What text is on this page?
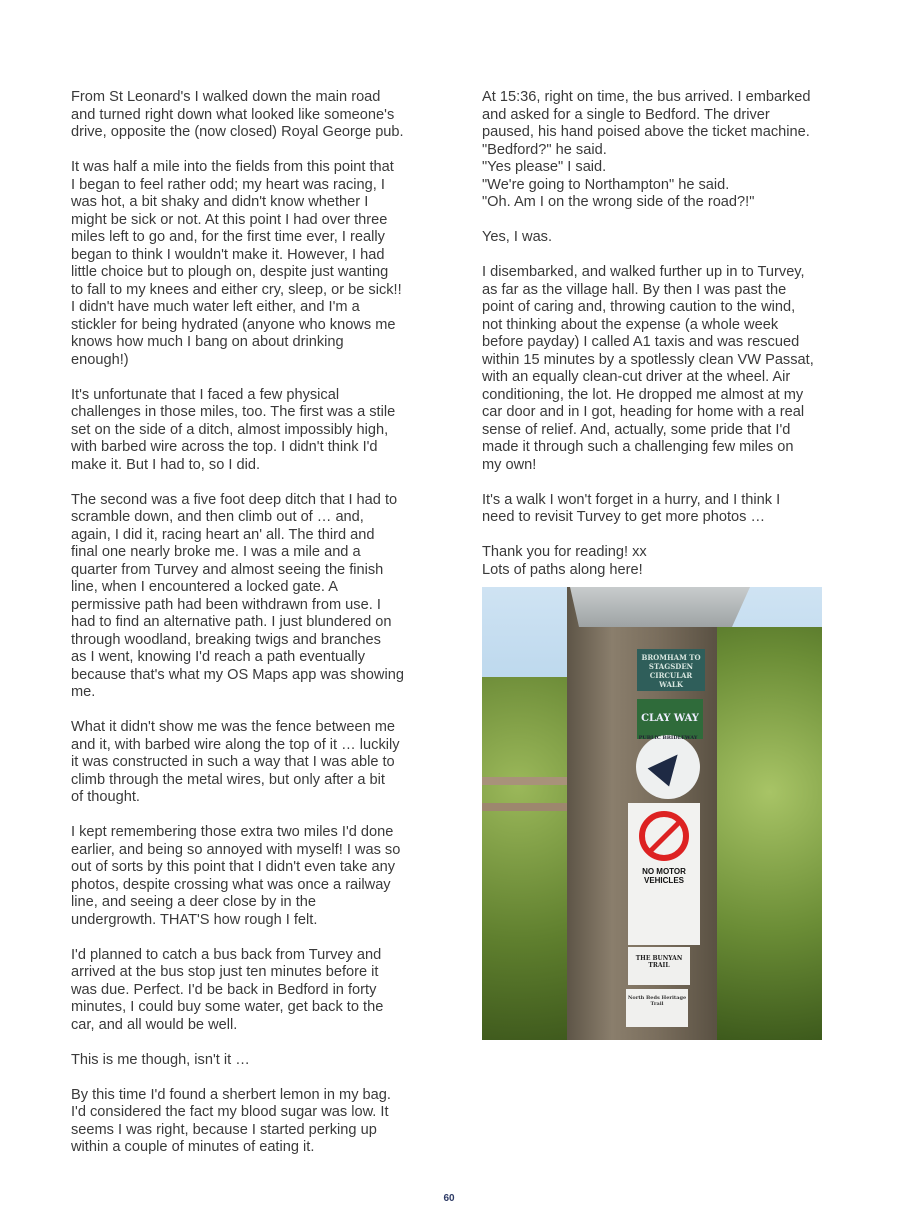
From St Leonard's I walked down the main road
and turned right down what looked like someone's
drive, opposite the (now closed) Royal George pub.

It was half a mile into the fields from this point that
I began to feel rather odd; my heart was racing, I
was hot, a bit shaky and didn't know whether I
might be sick or not. At this point I had over three
miles left to go and, for the first time ever, I really
began to think I wouldn't make it. However, I had
little choice but to plough on, despite just wanting
to fall to my knees and either cry, sleep, or be sick!!
I didn't have much water left either, and I'm a
stickler for being hydrated (anyone who knows me
knows how much I bang on about drinking
enough!)

It's unfortunate that I faced a few physical
challenges in those miles, too. The first was a stile
set on the side of a ditch, almost impossibly high,
with barbed wire across the top. I didn't think I'd
make it. But I had to, so I did.

The second was a five foot deep ditch that I had to
scramble down, and then climb out of … and,
again, I did it, racing heart an' all. The third and
final one nearly broke me. I was a mile and a
quarter from Turvey and almost seeing the finish
line, when I encountered a locked gate. A
permissive path had been withdrawn from use. I
had to find an alternative path. I just blundered on
through woodland, breaking twigs and branches
as I went, knowing I'd reach a path eventually
because that's what my OS Maps app was showing
me.

What it didn't show me was the fence between me
and it, with barbed wire along the top of it … luckily
it was constructed in such a way that I was able to
climb through the metal wires, but only after a bit
of thought.

I kept remembering those extra two miles I'd done
earlier, and being so annoyed with myself! I was so
out of sorts by this point that I didn't even take any
photos, despite crossing what was once a railway
line, and seeing a deer close by in the
undergrowth. THAT'S how rough I felt.

I'd planned to catch a bus back from Turvey and
arrived at the bus stop just ten minutes before it
was due. Perfect. I'd be back in Bedford in forty
minutes, I could buy some water, get back to the
car, and all would be well.

This is me though, isn't it …

By this time I'd found a sherbert lemon in my bag.
I'd considered the fact my blood sugar was low. It
seems I was right, because I started perking up
within a couple of minutes of eating it.

At 15:36, right on time, the bus arrived. I embarked
and asked for a single to Bedford. The driver
paused, his hand poised above the ticket machine.
"Bedford?" he said.
"Yes please" I said.
"We're going to Northampton" he said.
"Oh. Am I on the wrong side of the road?!"

Yes, I was.

I disembarked, and walked further up in to Turvey,
as far as the village hall. By then I was past the
point of caring and, throwing caution to the wind,
not thinking about the expense (a whole week
before payday) I called A1 taxis and was rescued
within 15 minutes by a spotlessly clean VW Passat,
with an equally clean-cut driver at the wheel. Air
conditioning, the lot. He dropped me almost at my
car door and in I got, heading for home with a real
sense of relief. And, actually, some pride that I'd
made it through such a challenging few miles on
my own!

It's a walk I won't forget in a hurry, and I think I
need to revisit Turvey to get more photos …

Thank you for reading! xx
Lots of paths along here!

BROMHAM TO STAGSDEN CIRCULAR WALK
CLAY WAY
PUBLIC BRIDLEWAY
NO MOTOR VEHICLES
THE BUNYAN TRAIL
North Beds Heritage Trail
60
